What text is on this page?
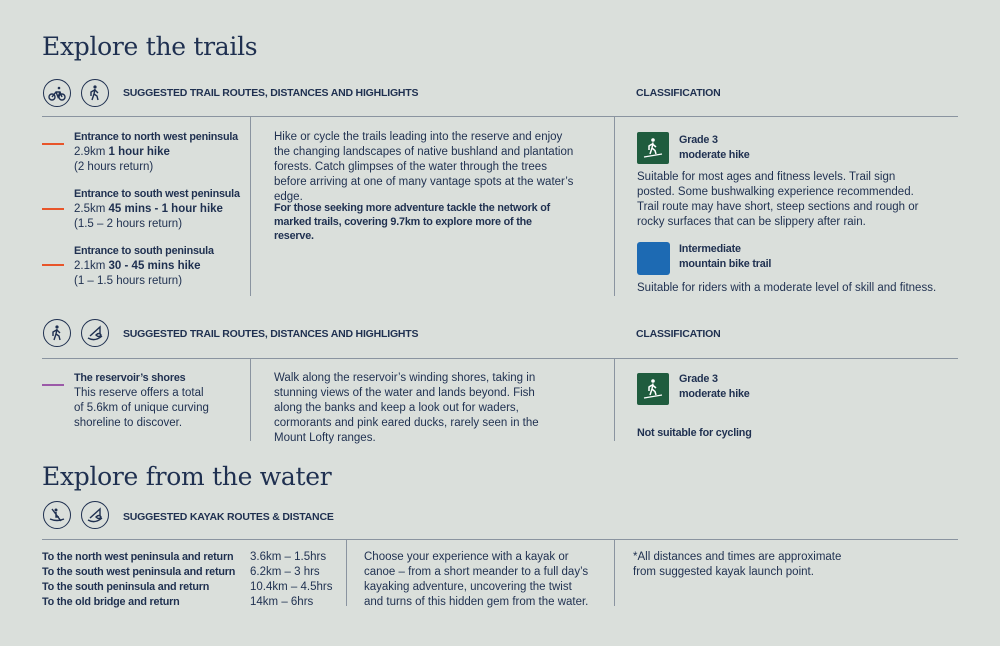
Explore the trails
SUGGESTED TRAIL ROUTES, DISTANCES AND HIGHLIGHTS	CLASSIFICATION
Entrance to north west peninsula
2.9km 1 hour hike
(2 hours return)
Entrance to south west peninsula
2.5km 45 mins - 1 hour hike
(1.5 – 2 hours return)
Entrance to south peninsula
2.1km 30 - 45 mins hike
(1 – 1.5 hours return)
Hike or cycle the trails leading into the reserve and enjoy the changing landscapes of native bushland and plantation forests. Catch glimpses of the water through the trees before arriving at one of many vantage spots at the water’s edge.
For those seeking more adventure tackle the network of marked trails, covering 9.7km to explore more of the reserve.
Grade 3
moderate hike
Suitable for most ages and fitness levels. Trail sign posted. Some bushwalking experience recommended. Trail route may have short, steep sections and rough or rocky surfaces that can be slippery after rain.
Intermediate
mountain bike trail
Suitable for riders with a moderate level of skill and fitness.
SUGGESTED TRAIL ROUTES, DISTANCES AND HIGHLIGHTS	CLASSIFICATION
The reservoir’s shores
This reserve offers a total of 5.6km of unique curving shoreline to discover.
Walk along the reservoir’s winding shores, taking in stunning views of the water and lands beyond. Fish along the banks and keep a look out for waders, cormorants and pink eared ducks, rarely seen in the Mount Lofty ranges.
Grade 3
moderate hike
Not suitable for cycling
Explore from the water
SUGGESTED KAYAK ROUTES & DISTANCE
To the north west peninsula and return	3.6km – 1.5hrs
To the south west peninsula and return	6.2km – 3 hrs
To the south peninsula and return	10.4km – 4.5hrs
To the old bridge and return	14km – 6hrs
Choose your experience with a kayak or canoe – from a short meander to a full day’s kayaking adventure, uncovering the twist and turns of this hidden gem from the water.
*All distances and times are approximate from suggested kayak launch point.
